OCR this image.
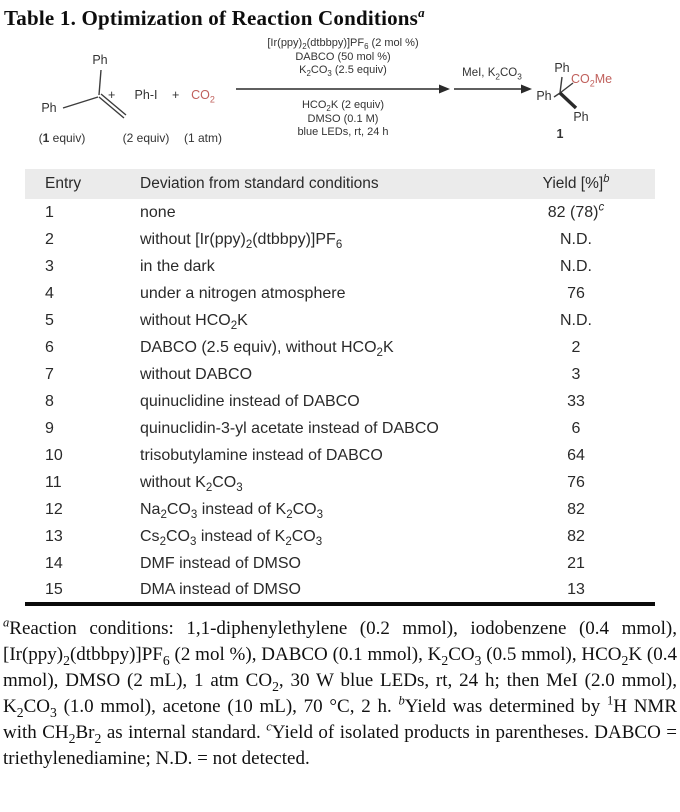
Table 1. Optimization of Reaction Conditions$^a$
Ph
Ph
(1 equiv)
+	Ph-I
(2 equiv)
+ $CO_2$
(1 atm)
$[Ir(ppy)_2(dtbbpy)]PF_6$ (2 mol %)
DABCO (50 mol %)
$K_2CO_3$ (2.5 equiv)
$HCO_2K$ (2 equiv)
DMSO (0.1 M)
blue LEDs, rt, 24 h
MeI, $K_2CO_3$
Ph
$CO_2Me$
Ph
Ph
1
Entry	Deviation from standard conditions	Yield [%]$^b$
1	none	82 $(78)^c$
2	without $[Ir(ppy)_2(dtbbpy)]PF_6$	N.D.
3	in the dark	N.D.
4	under a nitrogen atmosphere	76
5	without $HCO_2K$	N.D.
6	DABCO (2.5 equiv), without $HCO_2K$	2
7	without DABCO	3
8	quinuclidine instead of DABCO	33
9	quinuclidin-3-yl acetate instead of DABCO	6
10	trisobutylamine instead of DABCO	64
11	without $K_2CO_3$	76
12	$Na_2CO_3$ instead of $K_2CO_3$	82
13	$Cs_2CO_3$ instead of $K_2CO_3$	82
14	DMF instead of DMSO	21
15	DMA instead of DMSO	13

$^a$Reaction conditions: 1,1-diphenylethylene (0.2 mmol), iodobenzene (0.4 mmol), $[Ir(ppy)_2(dtbbpy)]PF_6$ (2 mol %), DABCO (0.1 mmol), $K_2CO_3$ (0.5 mmol), $HCO_2K$ (0.4 mmol), DMSO (2 mL), 1 atm $CO_2$, 30 W blue LEDs, rt, 24 h; then MeI (2.0 mmol), $K_2CO_3$ (1.0 mmol), acetone (10 mL), 70 °C, 2 h. $^b$Yield was determined by $^1$H NMR with $CH_2Br_2$ as internal standard. $^c$Yield of isolated products in parentheses. DABCO = triethylenediamine; N.D. = not detected.
